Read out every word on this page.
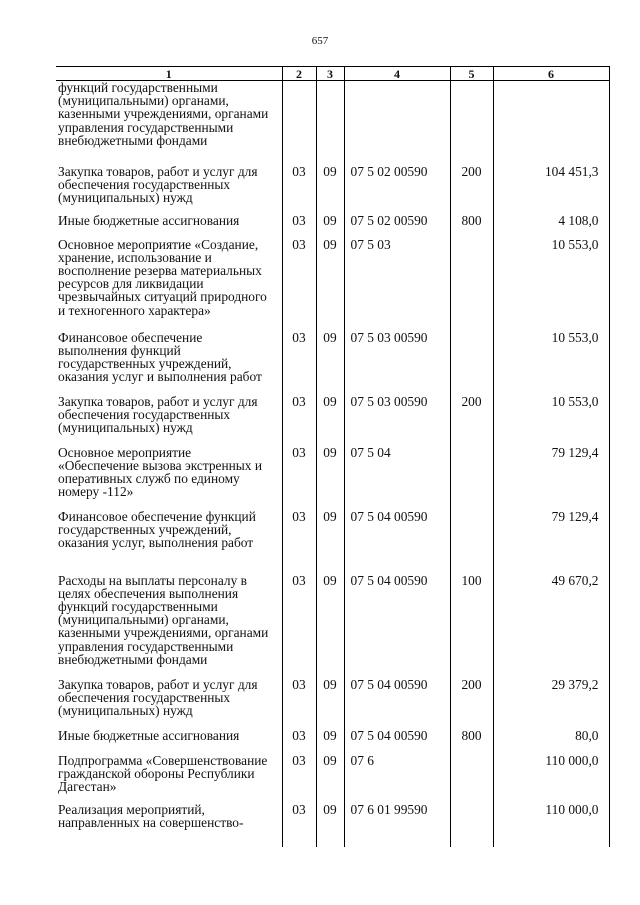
657
1	2	3	4	5	6
функций государственными (муниципальными) органами, казенными учреждениями, органами управления государственными внебюджетными фондами					
Закупка товаров, работ и услуг для обеспечения государственных (муниципальных) нужд	03	09	07 5 02 00590	200	104 451,3
Иные бюджетные ассигнования	03	09	07 5 02 00590	800	4 108,0
Основное мероприятие «Создание, хранение, использование и восполнение резерва материальных ресурсов для ликвидации чрезвычайных ситуаций природного и техногенного характера»	03	09	07 5 03		10 553,0
Финансовое обеспечение выполнения функций государственных учреждений, оказания услуг и выполнения работ	03	09	07 5 03 00590		10 553,0
Закупка товаров, работ и услуг для обеспечения государственных (муниципальных) нужд	03	09	07 5 03 00590	200	10 553,0
Основное мероприятие «Обеспечение вызова экстренных и оперативных служб по единому номеру -112»	03	09	07 5 04		79 129,4
Финансовое обеспечение функций государственных учреждений, оказания услуг, выполнения работ	03	09	07 5 04 00590		79 129,4
Расходы на выплаты персоналу в целях обеспечения выполнения функций государственными (муниципальными) органами, казенными учреждениями, органами управления государственными внебюджетными фондами	03	09	07 5 04 00590	100	49 670,2
Закупка товаров, работ и услуг для обеспечения государственных (муниципальных) нужд	03	09	07 5 04 00590	200	29 379,2
Иные бюджетные ассигнования	03	09	07 5 04 00590	800	80,0
Подпрограмма «Совершенствование гражданской обороны Республики Дагестан»	03	09	07 6		110 000,0
Реализация мероприятий, направленных на совершенство-	03	09	07 6 01 99590		110 000,0
